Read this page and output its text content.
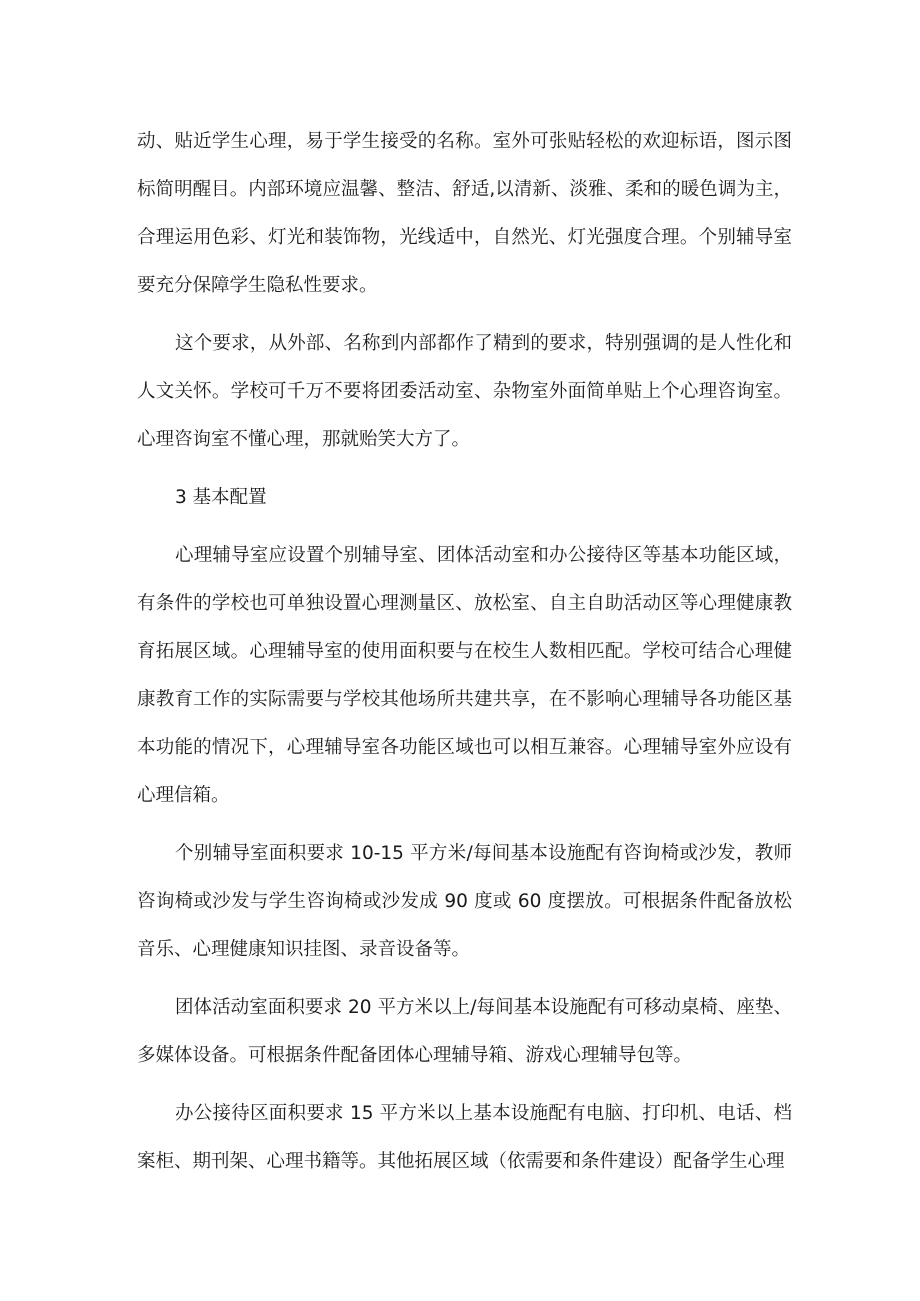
动、贴近学生心理，易于学生接受的名称。室外可张贴轻松的欢迎标语，图示图标简明醒目。内部环境应温馨、整洁、舒适,以清新、淡雅、柔和的暖色调为主，合理运用色彩、灯光和装饰物，光线适中，自然光、灯光强度合理。个别辅导室要充分保障学生隐私性要求。

这个要求，从外部、名称到内部都作了精到的要求，特别强调的是人性化和人文关怀。学校可千万不要将团委活动室、杂物室外面简单贴上个心理咨询室。心理咨询室不懂心理，那就贻笑大方了。

3 基本配置

心理辅导室应设置个别辅导室、团体活动室和办公接待区等基本功能区域，有条件的学校也可单独设置心理测量区、放松室、自主自助活动区等心理健康教育拓展区域。心理辅导室的使用面积要与在校生人数相匹配。学校可结合心理健康教育工作的实际需要与学校其他场所共建共享，在不影响心理辅导各功能区基本功能的情况下，心理辅导室各功能区域也可以相互兼容。心理辅导室外应设有心理信箱。

个别辅导室面积要求 10-15 平方米/每间基本设施配有咨询椅或沙发，教师咨询椅或沙发与学生咨询椅或沙发成 90 度或 60 度摆放。可根据条件配备放松音乐、心理健康知识挂图、录音设备等。

团体活动室面积要求 20 平方米以上/每间基本设施配有可移动桌椅、座垫、多媒体设备。可根据条件配备团体心理辅导箱、游戏心理辅导包等。

办公接待区面积要求 15 平方米以上基本设施配有电脑、打印机、电话、档案柜、期刊架、心理书籍等。其他拓展区域（依需要和条件建设）配备学生心理
